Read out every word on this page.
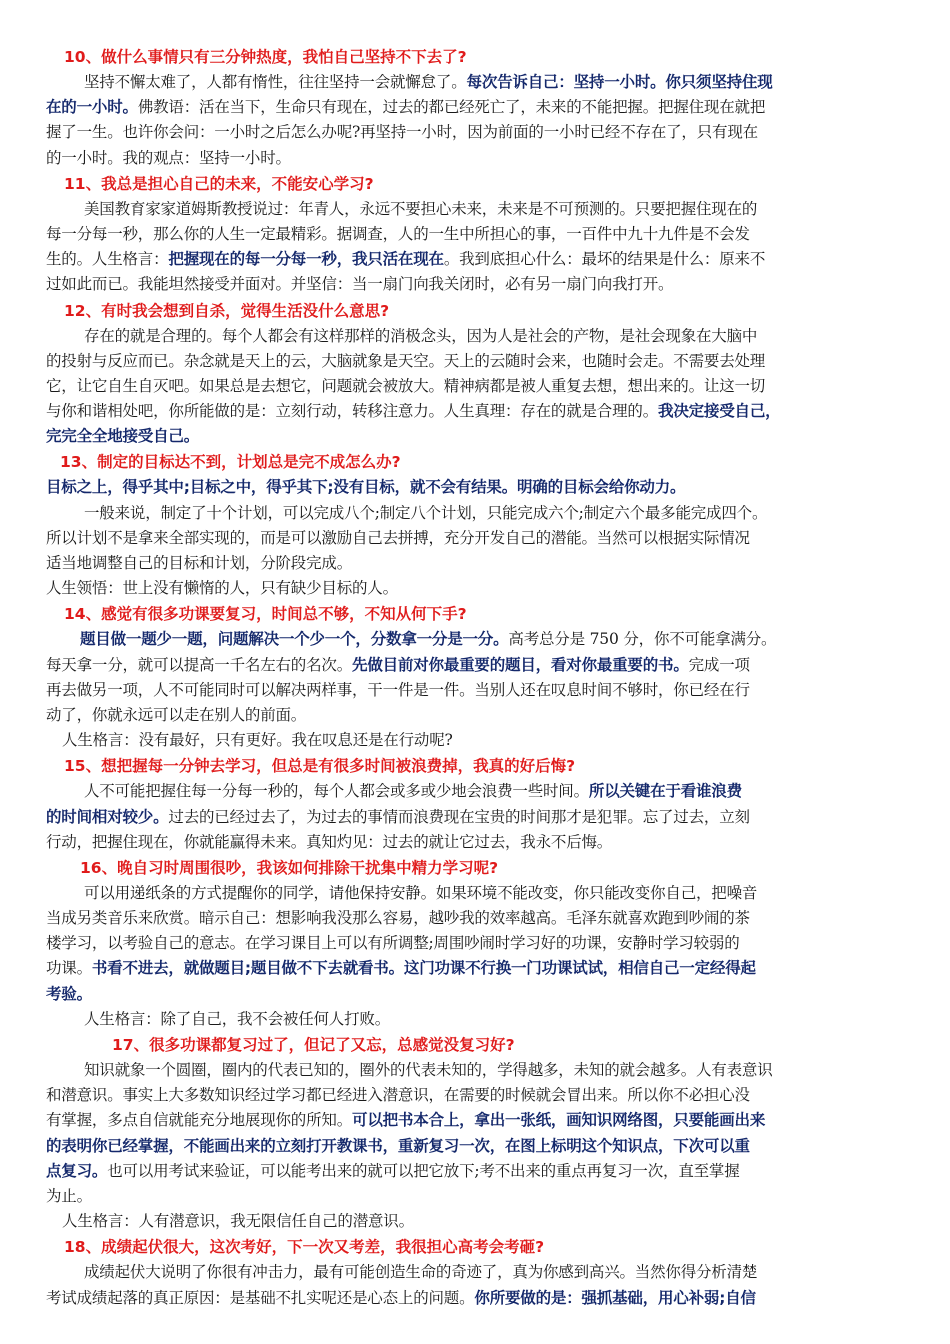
10、做什么事情只有三分钟热度，我怕自己坚持不下去了?
坚持不懈太难了，人都有惰性，往往坚持一会就懈怠了。每次告诉自己：坚持一小时。你只须坚持住现
在的一小时。佛教语：活在当下，生命只有现在，过去的都已经死亡了，未来的不能把握。把握住现在就把
握了一生。也许你会问：一小时之后怎么办呢?再坚持一小时，因为前面的一小时已经不存在了，只有现在
的一小时。我的观点：坚持一小时。
11、我总是担心自己的未来，不能安心学习?
美国教育家家道姆斯教授说过：年青人，永远不要担心未来，未来是不可预测的。只要把握住现在的
每一分每一秒，那么你的人生一定最精彩。据调查，人的一生中所担心的事，一百件中九十九件是不会发
生的。人生格言：把握现在的每一分每一秒，我只活在现在。我到底担心什么：最坏的结果是什么：原来不
过如此而已。我能坦然接受并面对。并坚信：当一扇门向我关闭时，必有另一扇门向我打开。
12、有时我会想到自杀，觉得生活没什么意思?
存在的就是合理的。每个人都会有这样那样的消极念头，因为人是社会的产物，是社会现象在大脑中
的投射与反应而已。杂念就是天上的云，大脑就象是天空。天上的云随时会来，也随时会走。不需要去处理
它，让它自生自灭吧。如果总是去想它，问题就会被放大。精神病都是被人重复去想，想出来的。让这一切
与你和谐相处吧，你所能做的是：立刻行动，转移注意力。人生真理：存在的就是合理的。我决定接受自己，
完完全全地接受自己。
13、制定的目标达不到，计划总是完不成怎么办?
目标之上，得乎其中;目标之中，得乎其下;没有目标，就不会有结果。明确的目标会给你动力。
一般来说，制定了十个计划，可以完成八个;制定八个计划，只能完成六个;制定六个最多能完成四个。
所以计划不是拿来全部实现的，而是可以激励自己去拼搏，充分开发自己的潜能。当然可以根据实际情况
适当地调整自己的目标和计划，分阶段完成。
人生领悟：世上没有懒惰的人，只有缺少目标的人。
14、感觉有很多功课要复习，时间总不够，不知从何下手?
题目做一题少一题，问题解决一个少一个，分数拿一分是一分。高考总分是 750 分，你不可能拿满分。
每天拿一分，就可以提高一千名左右的名次。先做目前对你最重要的题目，看对你最重要的书。完成一项
再去做另一项，人不可能同时可以解决两样事，干一件是一件。当别人还在叹息时间不够时，你已经在行
动了，你就永远可以走在别人的前面。
人生格言：没有最好，只有更好。我在叹息还是在行动呢?
15、想把握每一分钟去学习，但总是有很多时间被浪费掉，我真的好后悔?
人不可能把握住每一分每一秒的，每个人都会或多或少地会浪费一些时间。所以关键在于看谁浪费
的时间相对较少。过去的已经过去了，为过去的事情而浪费现在宝贵的时间那才是犯罪。忘了过去，立刻
行动，把握住现在，你就能赢得未来。真知灼见：过去的就让它过去，我永不后悔。
16、晚自习时周围很吵，我该如何排除干扰集中精力学习呢?
可以用递纸条的方式提醒你的同学，请他保持安静。如果环境不能改变，你只能改变你自己，把噪音
当成另类音乐来欣赏。暗示自己：想影响我没那么容易，越吵我的效率越高。毛泽东就喜欢跑到吵闹的茶
楼学习，以考验自己的意志。在学习课目上可以有所调整;周围吵闹时学习好的功课，安静时学习较弱的
功课。书看不进去，就做题目;题目做不下去就看书。这门功课不行换一门功课试试，相信自己一定经得起
考验。
人生格言：除了自己，我不会被任何人打败。
17、很多功课都复习过了，但记了又忘，总感觉没复习好?
知识就象一个圆圈，圈内的代表已知的，圈外的代表未知的，学得越多，未知的就会越多。人有表意识
和潜意识。事实上大多数知识经过学习都已经进入潜意识，在需要的时候就会冒出来。所以你不必担心没
有掌握，多点自信就能充分地展现你的所知。可以把书本合上，拿出一张纸，画知识网络图，只要能画出来
的表明你已经掌握，不能画出来的立刻打开教课书，重新复习一次，在图上标明这个知识点，下次可以重
点复习。也可以用考试来验证，可以能考出来的就可以把它放下;考不出来的重点再复习一次，直至掌握
为止。
人生格言：人有潜意识，我无限信任自己的潜意识。
18、成绩起伏很大，这次考好，下一次又考差，我很担心高考会考砸?
成绩起伏大说明了你很有冲击力，最有可能创造生命的奇迹了，真为你感到高兴。当然你得分析清楚
考试成绩起落的真正原因：是基础不扎实呢还是心态上的问题。你所要做的是：强抓基础，用心补弱;自信
